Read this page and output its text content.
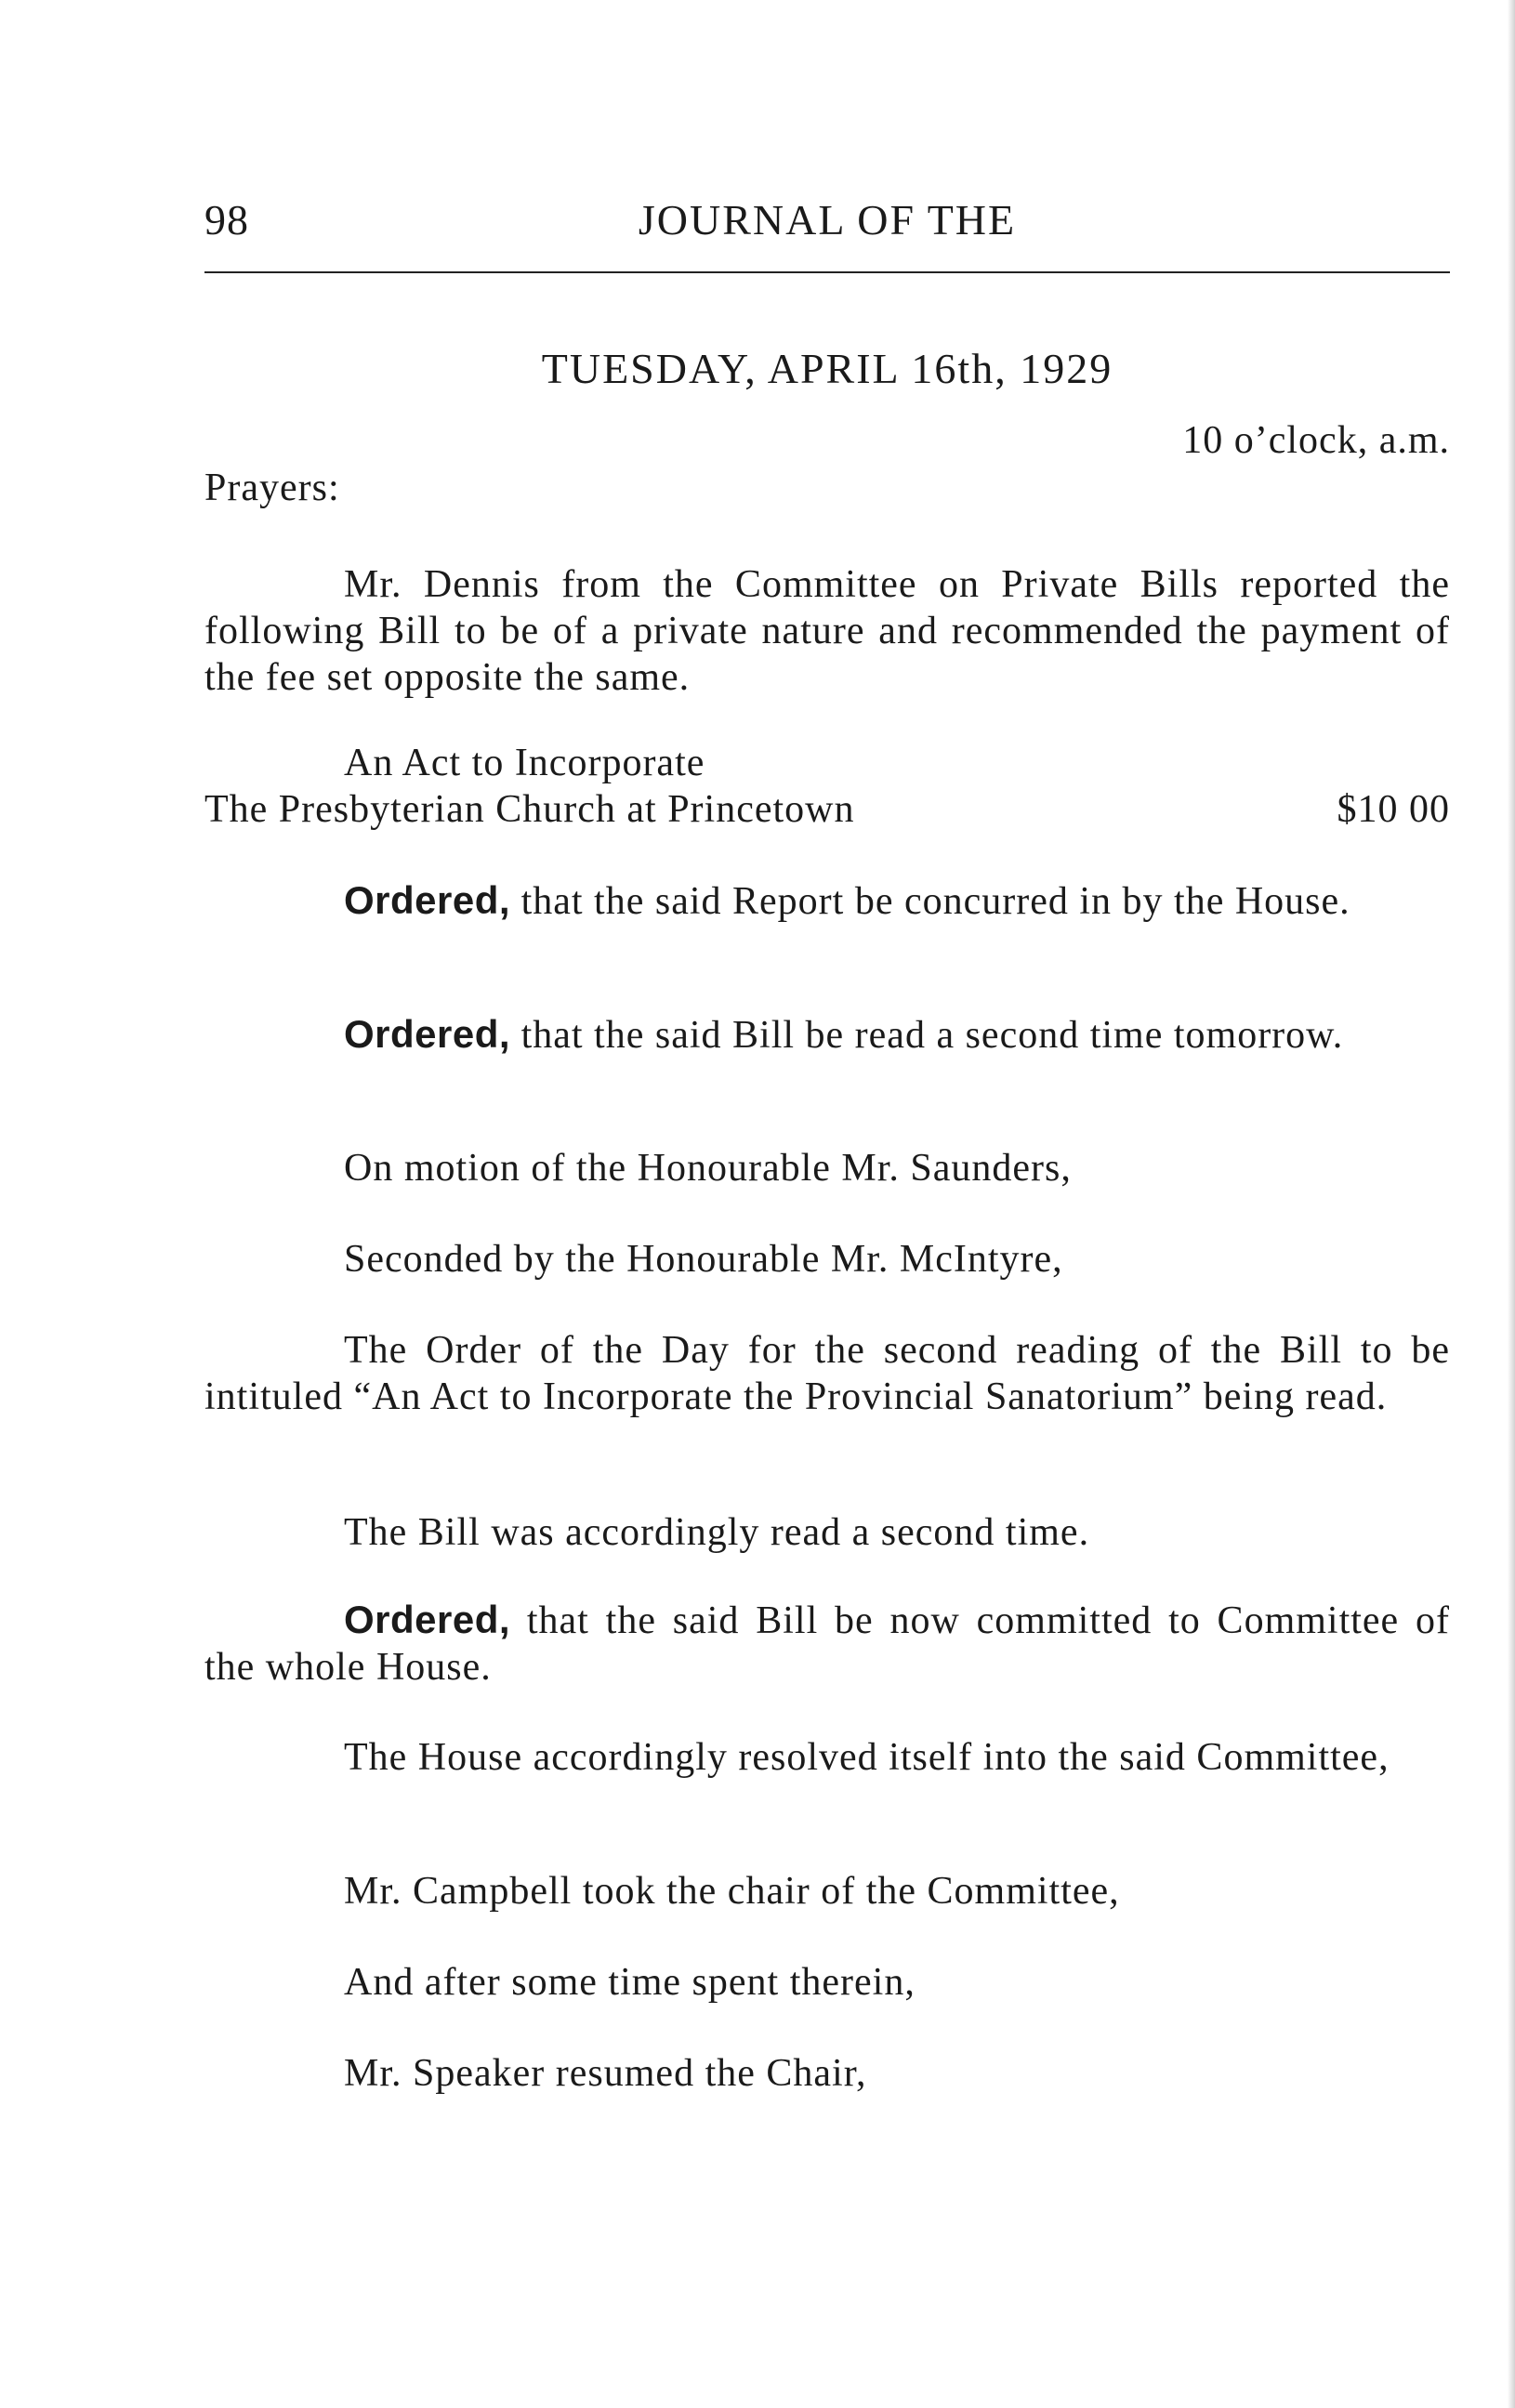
98	JOURNAL OF THE
TUESDAY, APRIL 16th, 1929
10 o’clock, a.m.
Prayers:
Mr. Dennis from the Committee on Private Bills reported the following Bill to be of a private nature and recommended the payment of the fee set opposite the same.
An Act to Incorporate
The Presbyterian Church at Princetown	$10 00
Ordered, that the said Report be concurred in by the House.
Ordered, that the said Bill be read a second time tomorrow.
On motion of the Honourable Mr. Saunders,
Seconded by the Honourable Mr. McIntyre,
The Order of the Day for the second reading of the Bill to be intituled “An Act to Incorporate the Provincial Sanatorium” being read.
The Bill was accordingly read a second time.
Ordered, that the said Bill be now committed to Committee of the whole House.
The House accordingly resolved itself into the said Committee,
Mr. Campbell took the chair of the Committee,
And after some time spent therein,
Mr. Speaker resumed the Chair,
